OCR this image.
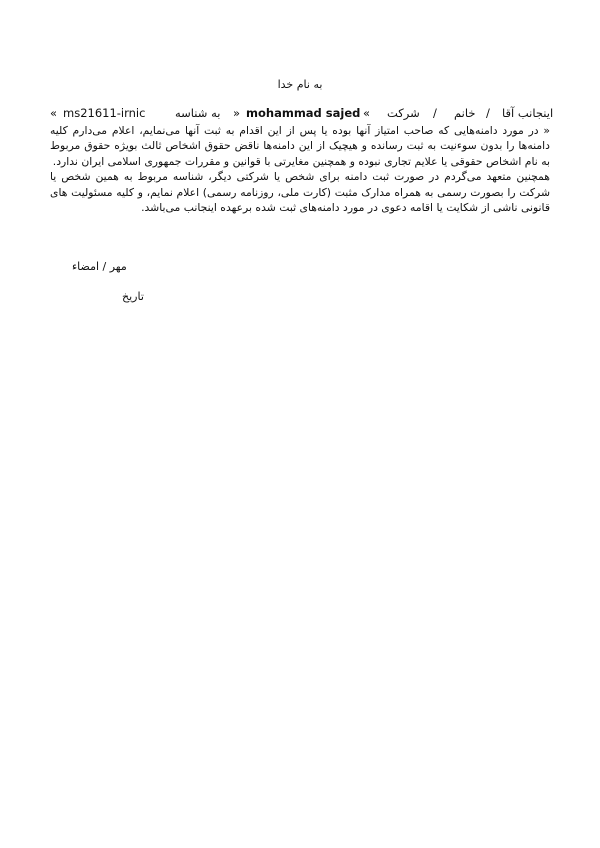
به نام خدا
« ms21611-irnic	به شناسه » mohammad sajed « شرکت / خانم / اینجانب آقا

« در مورد دامنه‌هایی که صاحب امتیاز آنها بوده یا پس از این اقدام به ثبت آنها می‌نمایم، اعلام می‌دارم کلیه دامنه‌ها را بدون سوءنیت به ثبت رسانده و هیچیک از این دامنه‌ها ناقض حقوق اشخاص ثالث بویژه حقوق مربوط به نام اشخاص حقوقی یا علایم تجاری نبوده و همچنین مغایرتی با قوانین و مقررات جمهوری اسلامی ایران ندارد.

همچنین متعهد می‌گردم در صورت ثبت دامنه برای شخص یا شرکتی دیگر، شناسه مربوط به همین شخص یا شرکت را بصورت رسمی به همراه مدارک مثبت (کارت ملی، روزنامه رسمی) اعلام نمایم، و کلیه مسئولیت های قانونی ناشی از شکایت یا اقامه دعوی در مورد دامنه‌های ثبت شده برعهده اینجانب می‌باشد.

مهر / امضاء
تاریخ
